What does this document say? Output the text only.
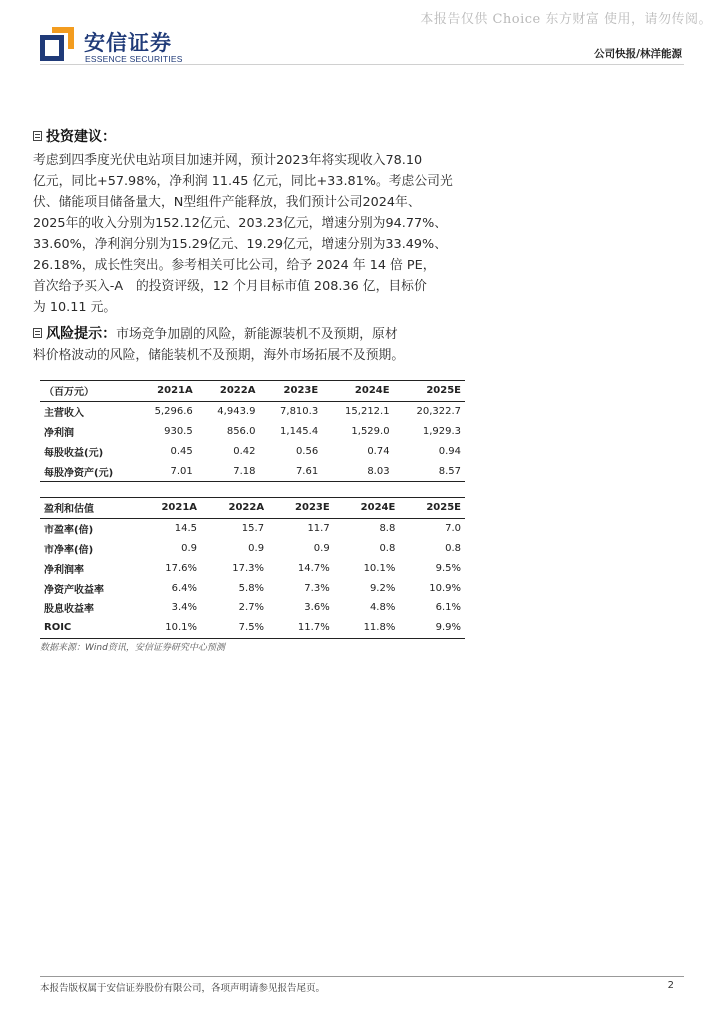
本报告仅供 Choice 东方财富 使用，请勿传阅。
安信证券
ESSENCE SECURITIES	公司快报/林洋能源
投资建议：
考虑到四季度光伏电站项目加速并网，预计2023年将实现收入78.10
亿元，同比+57.98%，净利润 11.45 亿元，同比+33.81%。考虑公司光
伏、储能项目储备量大，N型组件产能释放，我们预计公司2024年、
2025年的收入分别为152.12亿元、203.23亿元，增速分别为94.77%、
33.60%，净利润分别为15.29亿元、19.29亿元，增速分别为33.49%、
26.18%，成长性突出。参考相关可比公司，给予 2024 年 14 倍 PE，
首次给予买入-A　的投资评级，12 个月目标市值 208.36 亿，目标价
为 10.11 元。
风险提示：市场竞争加剧的风险，新能源装机不及预期，原材
料价格波动的风险，储能装机不及预期，海外市场拓展不及预期。
（百万元）	2021A	2022A	2023E	2024E	2025E
主营收入	5,296.6	4,943.9	7,810.3	15,212.1	20,322.7
净利润	930.5	856.0	1,145.4	1,529.0	1,929.3
每股收益(元)	0.45	0.42	0.56	0.74	0.94
每股净资产(元)	7.01	7.18	7.61	8.03	8.57
盈利和估值	2021A	2022A	2023E	2024E	2025E
市盈率(倍)	14.5	15.7	11.7	8.8	7.0
市净率(倍)	0.9	0.9	0.9	0.8	0.8
净利润率	17.6%	17.3%	14.7%	10.1%	9.5%
净资产收益率	6.4%	5.8%	7.3%	9.2%	10.9%
股息收益率	3.4%	2.7%	3.6%	4.8%	6.1%
ROIC	10.1%	7.5%	11.7%	11.8%	9.9%
数据来源：Wind资讯，安信证券研究中心预测
本报告版权属于安信证券股份有限公司，各项声明请参见报告尾页。	2
